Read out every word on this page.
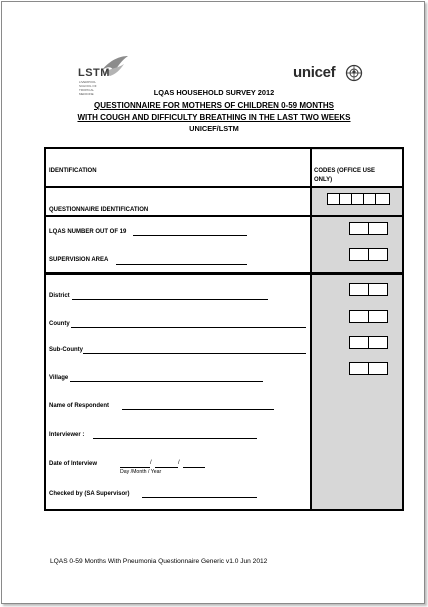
LSTM
LIVERPOOL SCHOOL OF TROPICAL MEDICINE
unicef
LQAS HOUSEHOLD SURVEY 2012
QUESTIONNAIRE FOR MOTHERS OF CHILDREN 0-59 MONTHS
WITH COUGH AND DIFFICULTY BREATHING IN THE LAST TWO WEEKS
UNICEF/LSTM
IDENTIFICATION	CODES (OFFICE USE ONLY)
QUESTIONNAIRE IDENTIFICATION
LQAS NUMBER OUT OF 19
SUPERVISION AREA
District
County
Sub-County
Village
Name of Respondent
Interviewer :
Date of Interview	/	/
Day /Month / Year
Checked by (SA Supervisor)
LQAS 0-59 Months With Pneumonia Questionnaire Generic v1.0 Jun 2012
